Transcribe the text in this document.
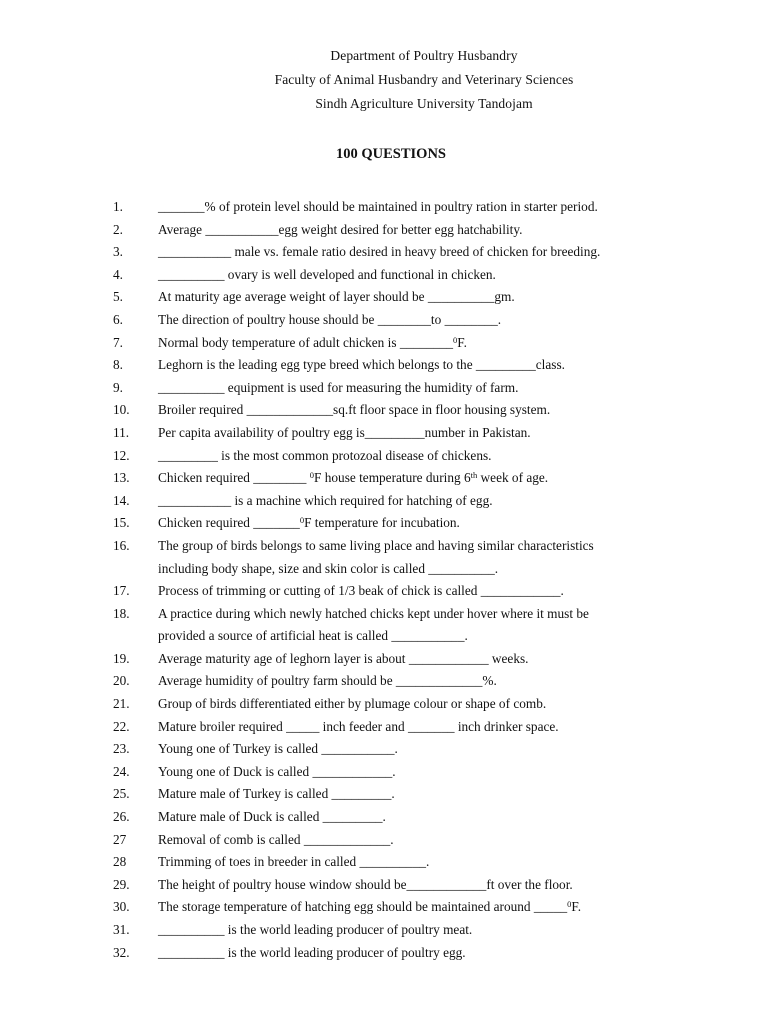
Department of Poultry Husbandry
Faculty of Animal Husbandry and Veterinary Sciences
Sindh Agriculture University Tandojam
100 QUESTIONS
1.	_______% of protein level should be maintained in poultry ration in starter period.
2.	Average ___________egg weight desired for better egg hatchability.
3.	___________ male vs. female ratio desired in heavy breed of chicken for breeding.
4.	__________ ovary is well developed and functional in chicken.
5.	At maturity age average weight of layer should be __________gm.
6.	The direction of poultry house should be ________to ________.
7.	Normal body temperature of adult chicken is ________$^0$F.
8.	Leghorn is the leading egg type breed which belongs to the _________class.
9.	__________ equipment is used for measuring the humidity of farm.
10. Broiler required _____________sq.ft floor space in floor housing system.
11. Per capita availability of poultry egg is_________number in Pakistan.
12. _________ is the most common protozoal disease of chickens.
13. Chicken required ________ $^0$F house temperature during 6th week of age.
14. ___________ is a machine which required for hatching of egg.
15. Chicken required _______$^0$F temperature for incubation.
16. The group of birds belongs to same living place and having similar characteristics
including body shape, size and skin color is called __________.
17. Process of trimming or cutting of 1/3 beak of chick is called ____________.
18. A practice during which newly hatched chicks kept under hover where it must be
provided a source of artificial heat is called ___________.
19. Average maturity age of leghorn layer is about ____________ weeks.
20. Average humidity of poultry farm should be _____________%.
21. Group of birds differentiated either by plumage colour or shape of comb.
22. Mature broiler required _____ inch feeder and _______ inch drinker space.
23. Young one of Turkey is called ___________.
24. Young one of Duck is called ____________.
25. Mature male of Turkey is called _________.
26. Mature male of Duck is called _________.
27 Removal of comb is called _____________.
28 Trimming of toes in breeder in called __________.
29. The height of poultry house window should be____________ft over the floor.
30. The storage temperature of hatching egg should be maintained around _____$^0$F.
31. __________ is the world leading producer of poultry meat.
32. __________ is the world leading producer of poultry egg.
